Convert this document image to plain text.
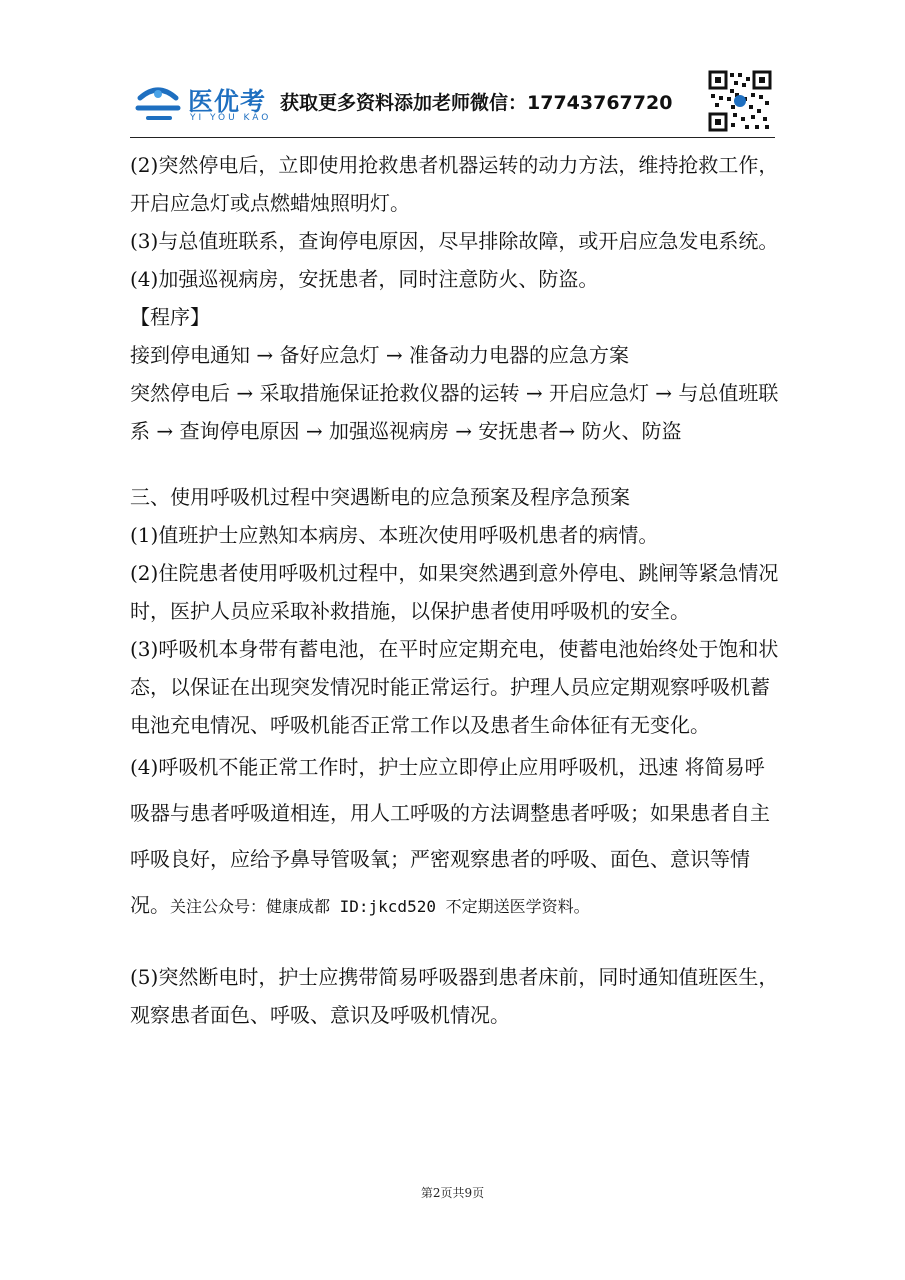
医优考
YI YOU KAO
获取更多资料添加老师微信：17743767720

(2)突然停电后，立即使用抢救患者机器运转的动力方法，维持抢救工作，开启应急灯或点燃蜡烛照明灯。

(3)与总值班联系，查询停电原因，尽早排除故障，或开启应急发电系统。

(4)加强巡视病房，安抚患者，同时注意防火、防盗。

【程序】

接到停电通知 → 备好应急灯 → 准备动力电器的应急方案

突然停电后 → 采取措施保证抢救仪器的运转 → 开启应急灯 → 与总值班联系 → 查询停电原因 → 加强巡视病房 → 安抚患者→ 防火、防盗

三、使用呼吸机过程中突遇断电的应急预案及程序急预案

(1)值班护士应熟知本病房、本班次使用呼吸机患者的病情。

(2)住院患者使用呼吸机过程中，如果突然遇到意外停电、跳闸等紧急情况时，医护人员应采取补救措施，以保护患者使用呼吸机的安全。

(3)呼吸机本身带有蓄电池，在平时应定期充电，使蓄电池始终处于饱和状态，以保证在出现突发情况时能正常运行。护理人员应定期观察呼吸机蓄电池充电情况、呼吸机能否正常工作以及患者生命体征有无变化。

(4)呼吸机不能正常工作时，护士应立即停止应用呼吸机，迅速 将简易呼吸器与患者呼吸道相连，用人工呼吸的方法调整患者呼吸；如果患者自主呼吸良好，应给予鼻导管吸氧；严密观察患者的呼吸、面色、意识等情况。关注公众号：健康成都 ID:jkcd520 不定期送医学资料。

(5)突然断电时，护士应携带简易呼吸器到患者床前，同时通知值班医生，观察患者面色、呼吸、意识及呼吸机情况。

第2页共9页
